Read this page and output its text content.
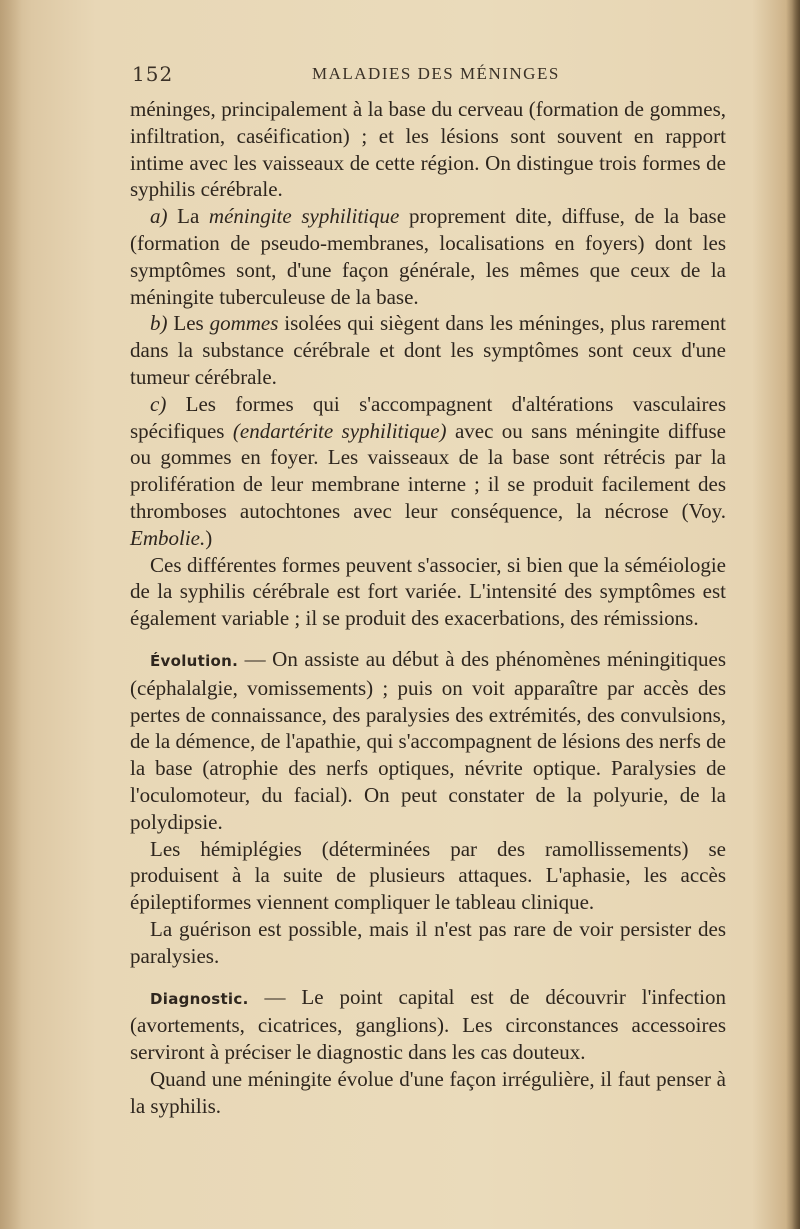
152	MALADIES DES MÉNINGES

méninges, principalement à la base du cerveau (formation de gommes, infiltration, caséification) ; et les lésions sont souvent en rapport intime avec les vaisseaux de cette région. On distingue trois formes de syphilis cérébrale.

a) La méningite syphilitique proprement dite, diffuse, de la base (formation de pseudo-membranes, localisations en foyers) dont les symptômes sont, d'une façon générale, les mêmes que ceux de la méningite tuberculeuse de la base.

b) Les gommes isolées qui siègent dans les méninges, plus rarement dans la substance cérébrale et dont les symptômes sont ceux d'une tumeur cérébrale.

c) Les formes qui s'accompagnent d'altérations vasculaires spécifiques (endartérite syphilitique) avec ou sans méningite diffuse ou gommes en foyer. Les vaisseaux de la base sont rétrécis par la prolifération de leur membrane interne ; il se produit facilement des thromboses autochtones avec leur conséquence, la nécrose (Voy. Embolie.)

Ces différentes formes peuvent s'associer, si bien que la séméiologie de la syphilis cérébrale est fort variée. L'intensité des symptômes est également variable ; il se produit des exacerbations, des rémissions.

Évolution. — On assiste au début à des phénomènes méningitiques (céphalalgie, vomissements) ; puis on voit apparaître par accès des pertes de connaissance, des paralysies des extrémités, des convulsions, de la démence, de l'apathie, qui s'accompagnent de lésions des nerfs de la base (atrophie des nerfs optiques, névrite optique. Paralysies de l'oculomoteur, du facial). On peut constater de la polyurie, de la polydipsie.

Les hémiplégies (déterminées par des ramollissements) se produisent à la suite de plusieurs attaques. L'aphasie, les accès épileptiformes viennent compliquer le tableau clinique.

La guérison est possible, mais il n'est pas rare de voir persister des paralysies.

Diagnostic. — Le point capital est de découvrir l'infection (avortements, cicatrices, ganglions). Les circonstances accessoires serviront à préciser le diagnostic dans les cas douteux.

Quand une méningite évolue d'une façon irrégulière, il faut penser à la syphilis.
